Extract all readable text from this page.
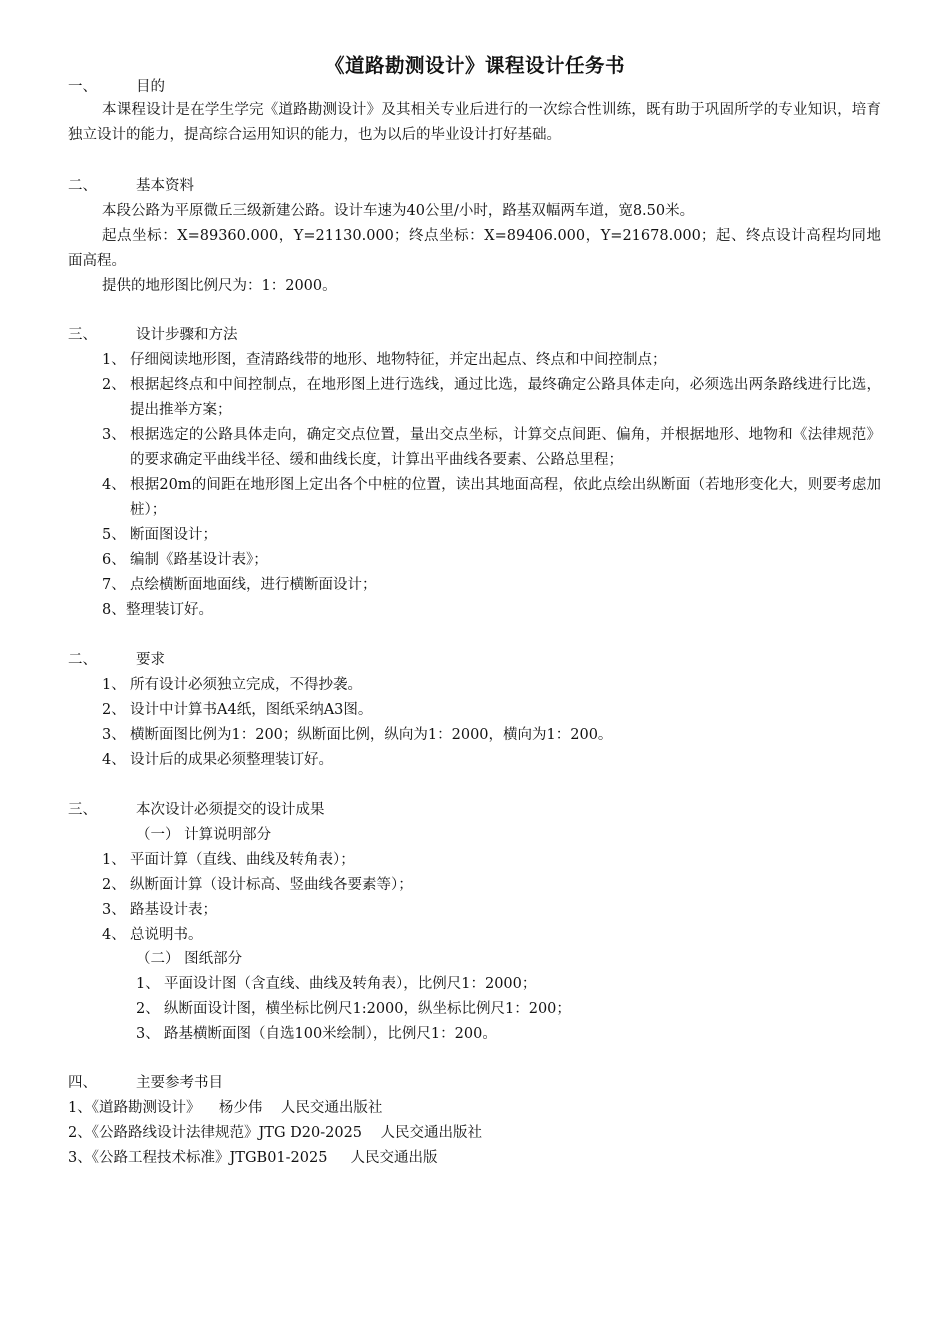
《道路勘测设计》课程设计任务书
一、	目的
本课程设计是在学生学完《道路勘测设计》及其相关专业后进行的一次综合性训练，既有助于巩固所学的专业知识，培育独立设计的能力，提高综合运用知识的能力，也为以后的毕业设计打好基础。
二、	基本资料
本段公路为平原微丘三级新建公路。设计车速为40公里/小时，路基双幅两车道，宽8.50米。
起点坐标：X=89360.000，Y=21130.000；终点坐标：X=89406.000，Y=21678.000；起、终点设计高程均同地面高程。
提供的地形图比例尺为：1：2000。
三、	设计步骤和方法
1、 仔细阅读地形图，查清路线带的地形、地物特征，并定出起点、终点和中间控制点；
2、 根据起终点和中间控制点，在地形图上进行选线，通过比选，最终确定公路具体走向，必须选出两条路线进行比选，提出推举方案；
3、 根据选定的公路具体走向，确定交点位置，量出交点坐标，计算交点间距、偏角，并根据地形、地物和《法律规范》的要求确定平曲线半径、缓和曲线长度，计算出平曲线各要素、公路总里程；
4、 根据20m的间距在地形图上定出各个中桩的位置，读出其地面高程，依此点绘出纵断面（若地形变化大，则要考虑加桩）；
5、 断面图设计；
6、 编制《路基设计表》；
7、 点绘横断面地面线，进行横断面设计；
8、 整理装订好。
二、	要求
1、 所有设计必须独立完成，不得抄袭。
2、 设计中计算书A4纸，图纸采纳A3图。
3、 横断面图比例为1：200；纵断面比例，纵向为1：2000，横向为1：200。
4、 设计后的成果必须整理装订好。
三、	本次设计必须提交的设计成果
（一） 计算说明部分
1、 平面计算（直线、曲线及转角表）；
2、 纵断面计算（设计标高、竖曲线各要素等）；
3、 路基设计表；
4、 总说明书。
（二） 图纸部分
1、 平面设计图（含直线、曲线及转角表），比例尺1：2000；
2、 纵断面设计图，横坐标比例尺1:2000，纵坐标比例尺1：200；
3、 路基横断面图（自选100米绘制），比例尺1：200。
四、	主要参考书目
1、《道路勘测设计》    杨少伟    人民交通出版社
2、《公路路线设计法律规范》JTG D20-2025    人民交通出版社
3、《公路工程技术标准》JTGB01-2025     人民交通出版
